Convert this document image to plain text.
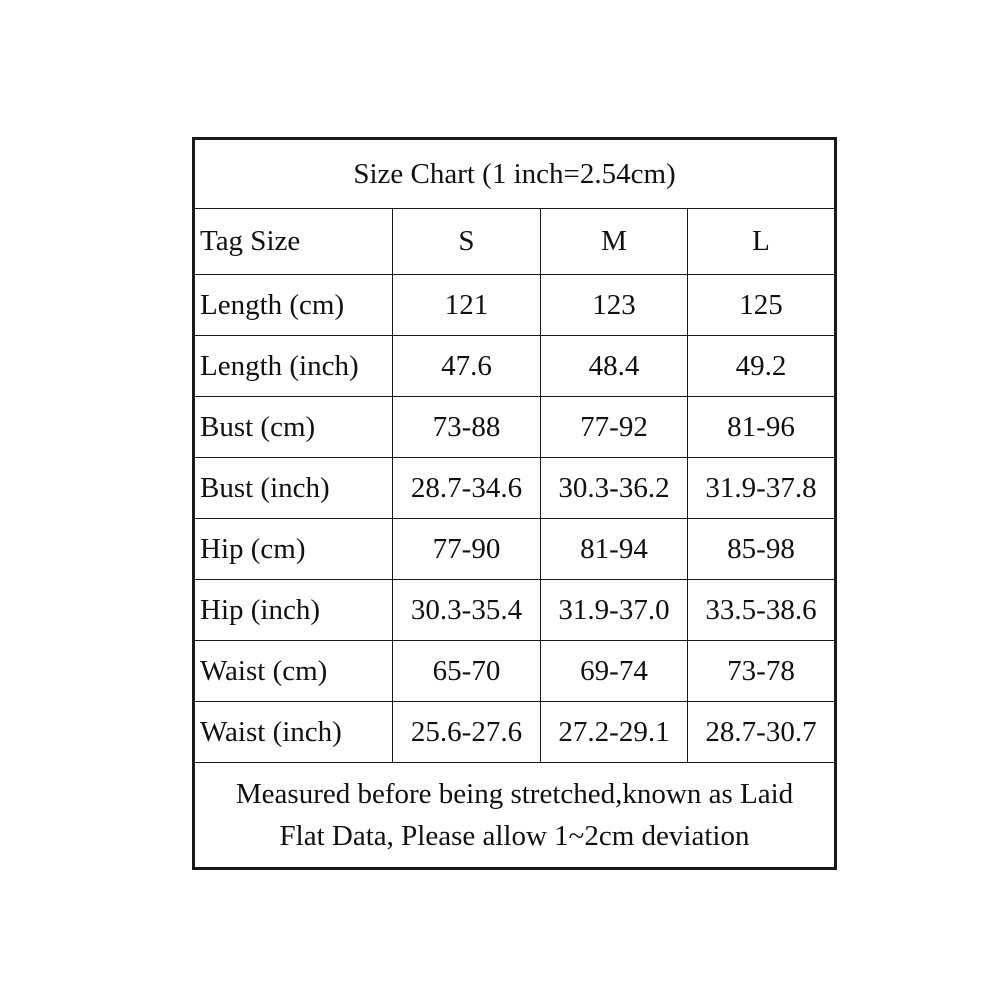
Size Chart (1 inch=2.54cm)			
Tag Size	S	M	L
Length (cm)	121	123	125
Length (inch)	47.6	48.4	49.2
Bust (cm)	73-88	77-92	81-96
Bust (inch)	28.7-34.6	30.3-36.2	31.9-37.8
Hip (cm)	77-90	81-94	85-98
Hip (inch)	30.3-35.4	31.9-37.0	33.5-38.6
Waist (cm)	65-70	69-74	73-78
Waist (inch)	25.6-27.6	27.2-29.1	28.7-30.7

Measured before being stretched,known as Laid
Flat Data, Please allow 1~2cm deviation			
